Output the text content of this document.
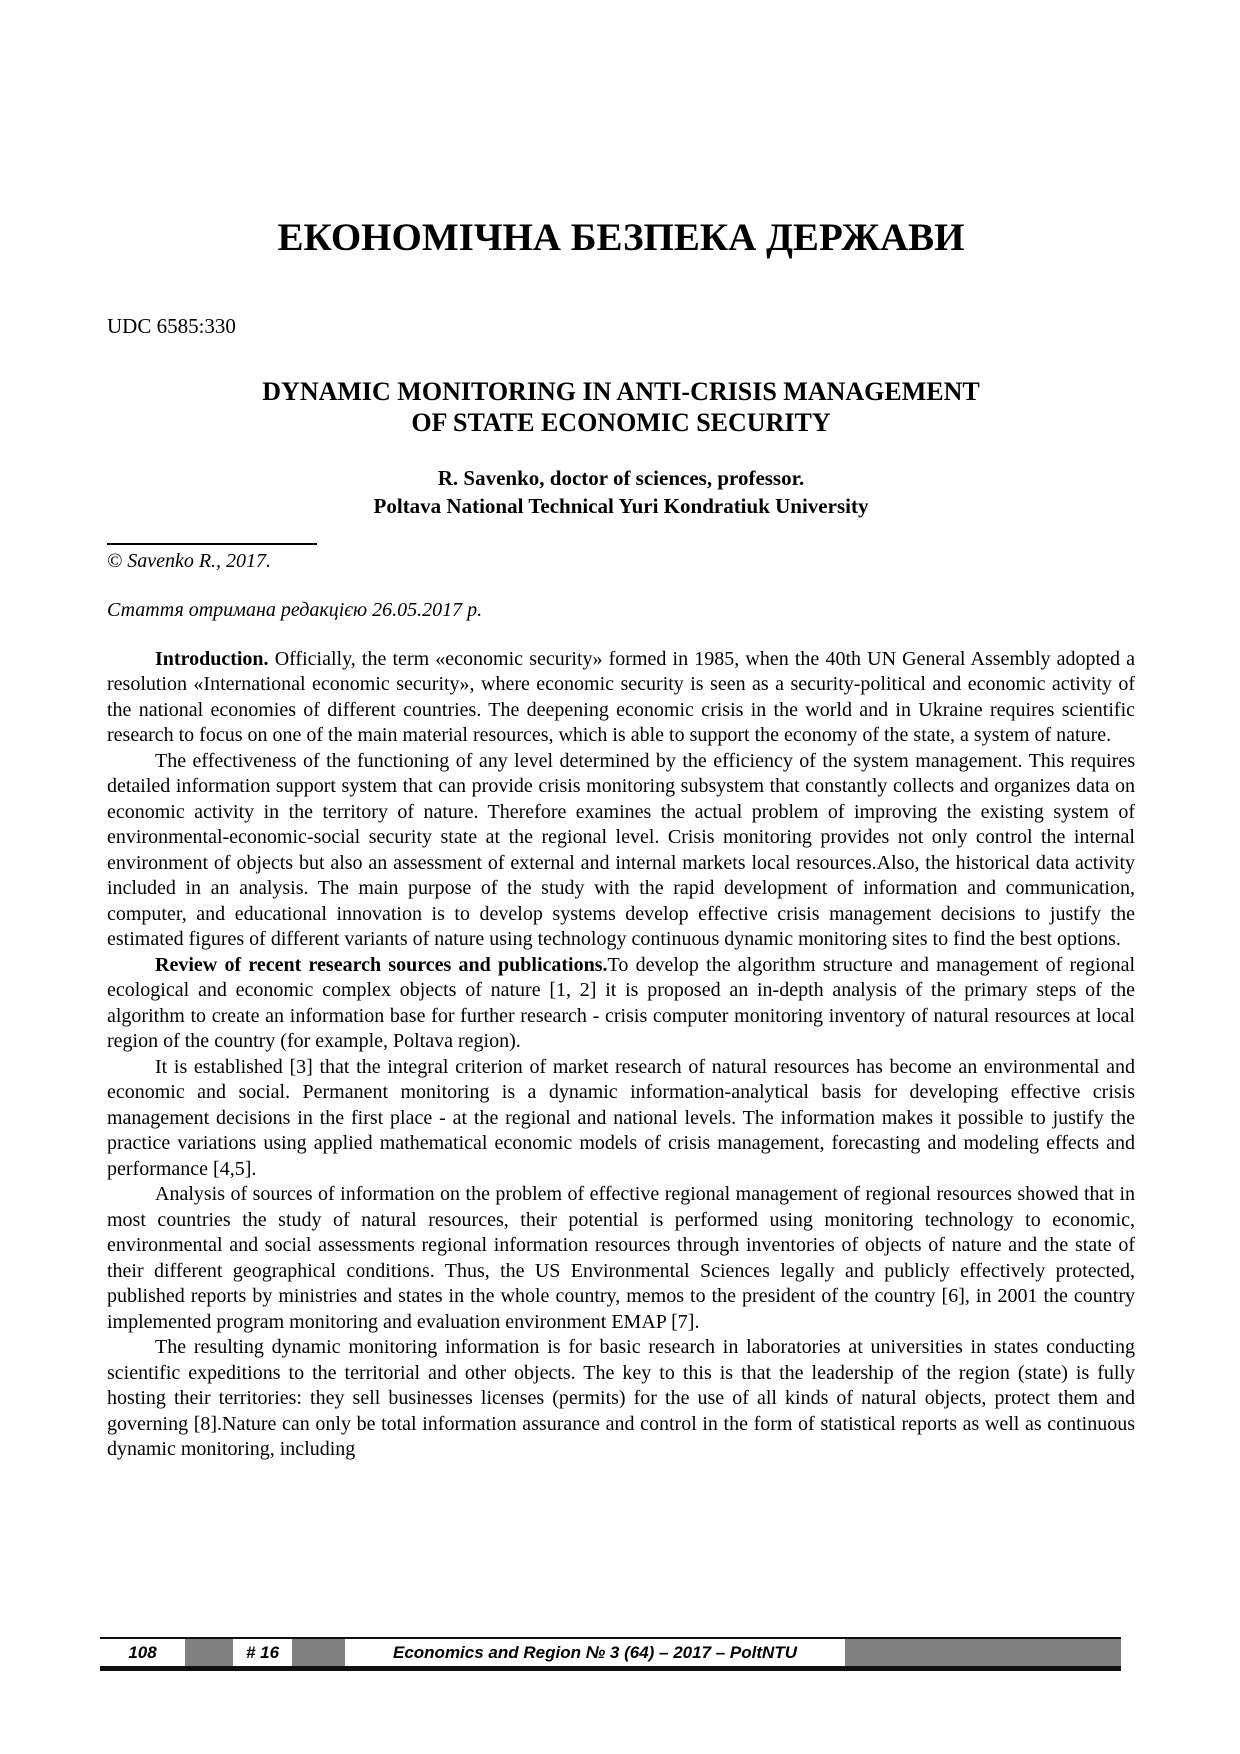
ЕКОНОМІЧНА БЕЗПЕКА ДЕРЖАВИ
UDC 6585:330
DYNAMIC MONITORING IN ANTI-CRISIS MANAGEMENT
OF STATE ECONOMIC SECURITY
R. Savenko, doctor of sciences, professor.
Poltava National Technical Yuri Kondratiuk University
© Savenko R., 2017.
Стаття отримана редакцією 26.05.2017 р.

Introduction. Officially, the term «economic security» formed in 1985, when the 40th UN General Assembly adopted a resolution «International economic security», where economic security is seen as a security-political and economic activity of the national economies of different countries. The deepening economic crisis in the world and in Ukraine requires scientific research to focus on one of the main material resources, which is able to support the economy of the state, a system of nature.

The effectiveness of the functioning of any level determined by the efficiency of the system management. This requires detailed information support system that can provide crisis monitoring subsystem that constantly collects and organizes data on economic activity in the territory of nature. Therefore examines the actual problem of improving the existing system of environmental-economic-social security state at the regional level. Crisis monitoring provides not only control the internal environment of objects but also an assessment of external and internal markets local resources.Also, the historical data activity included in an analysis. The main purpose of the study with the rapid development of information and communication, computer, and educational innovation is to develop systems develop effective crisis management decisions to justify the estimated figures of different variants of nature using technology continuous dynamic monitoring sites to find the best options.

Review of recent research sources and publications.To develop the algorithm structure and management of regional ecological and economic complex objects of nature [1, 2] it is proposed an in-depth analysis of the primary steps of the algorithm to create an information base for further research - crisis computer monitoring inventory of natural resources at local region of the country (for example, Poltava region).

It is established [3] that the integral criterion of market research of natural resources has become an environmental and economic and social. Permanent monitoring is a dynamic information-analytical basis for developing effective crisis management decisions in the first place - at the regional and national levels. The information makes it possible to justify the practice variations using applied mathematical economic models of crisis management, forecasting and modeling effects and performance [4,5].

Analysis of sources of information on the problem of effective regional management of regional resources showed that in most countries the study of natural resources, their potential is performed using monitoring technology to economic, environmental and social assessments regional information resources through inventories of objects of nature and the state of their different geographical conditions. Thus, the US Environmental Sciences legally and publicly effectively protected, published reports by ministries and states in the whole country, memos to the president of the country [6], in 2001 the country implemented program monitoring and evaluation environment EMAP [7].

The resulting dynamic monitoring information is for basic research in laboratories at universities in states conducting scientific expeditions to the territorial and other objects. The key to this is that the leadership of the region (state) is fully hosting their territories: they sell businesses licenses (permits) for the use of all kinds of natural objects, protect them and governing [8].Nature can only be total information assurance and control in the form of statistical reports as well as continuous dynamic monitoring, including

108	# 16	Economics and Region № 3 (64) – 2017 – PoltNTU
